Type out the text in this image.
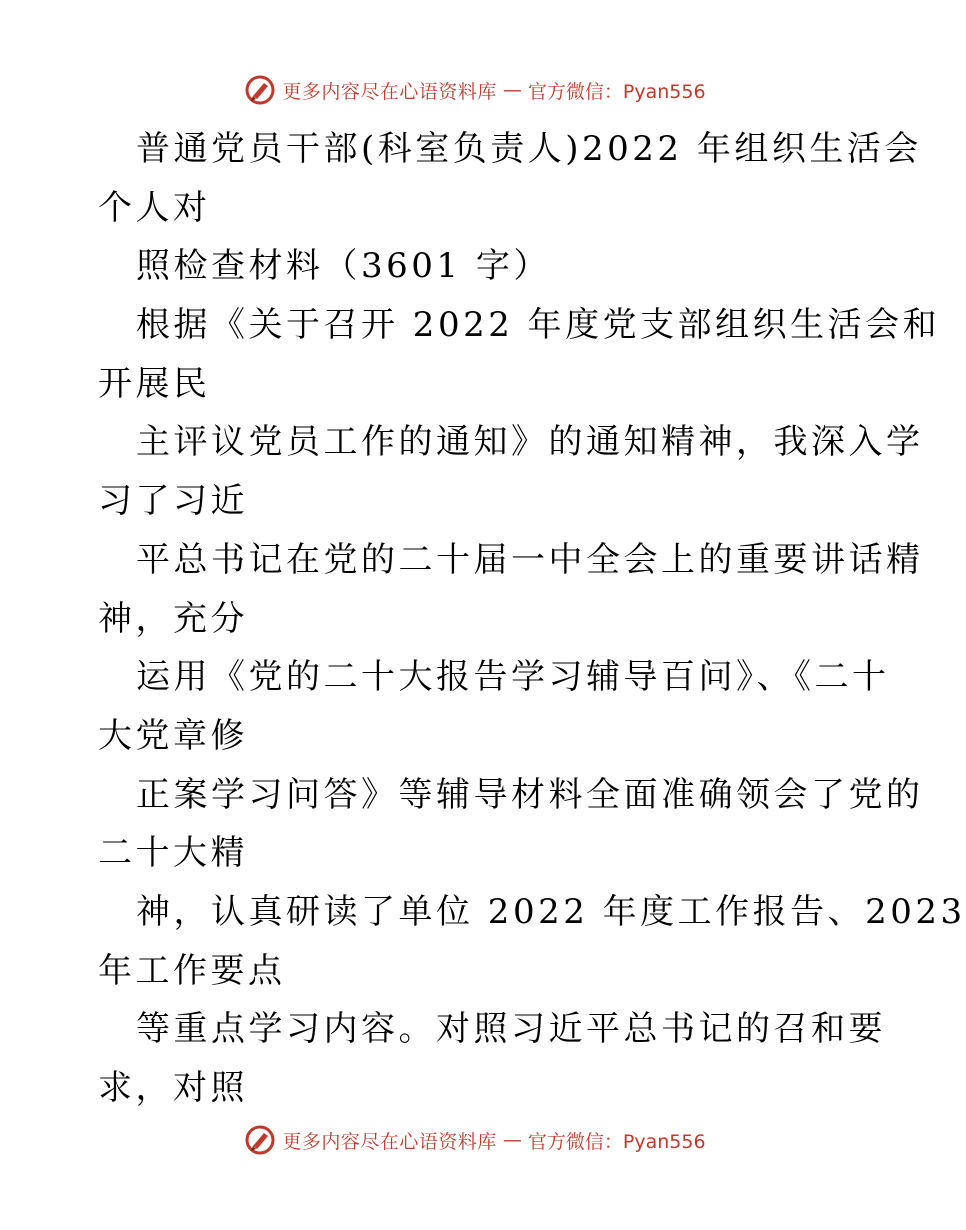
更多内容尽在心语资料库 — 官方微信：Pyan556
普通党员干部(科室负责人)2022 年组织生活会
个人对
照检查材料（3601 字）
根据《关于召开 2022 年度党支部组织生活会和
开展民
主评议党员工作的通知》的通知精神，我深入学
习了习近
平总书记在党的二十届一中全会上的重要讲话精
神，充分
运用《党的二十大报告学习辅导百问》、《二十
大党章修
正案学习问答》等辅导材料全面准确领会了党的
二十大精
神，认真研读了单位 2022 年度工作报告、2023
年工作要点
等重点学习内容。对照习近平总书记的召和要
求，对照
更多内容尽在心语资料库 — 官方微信：Pyan556
